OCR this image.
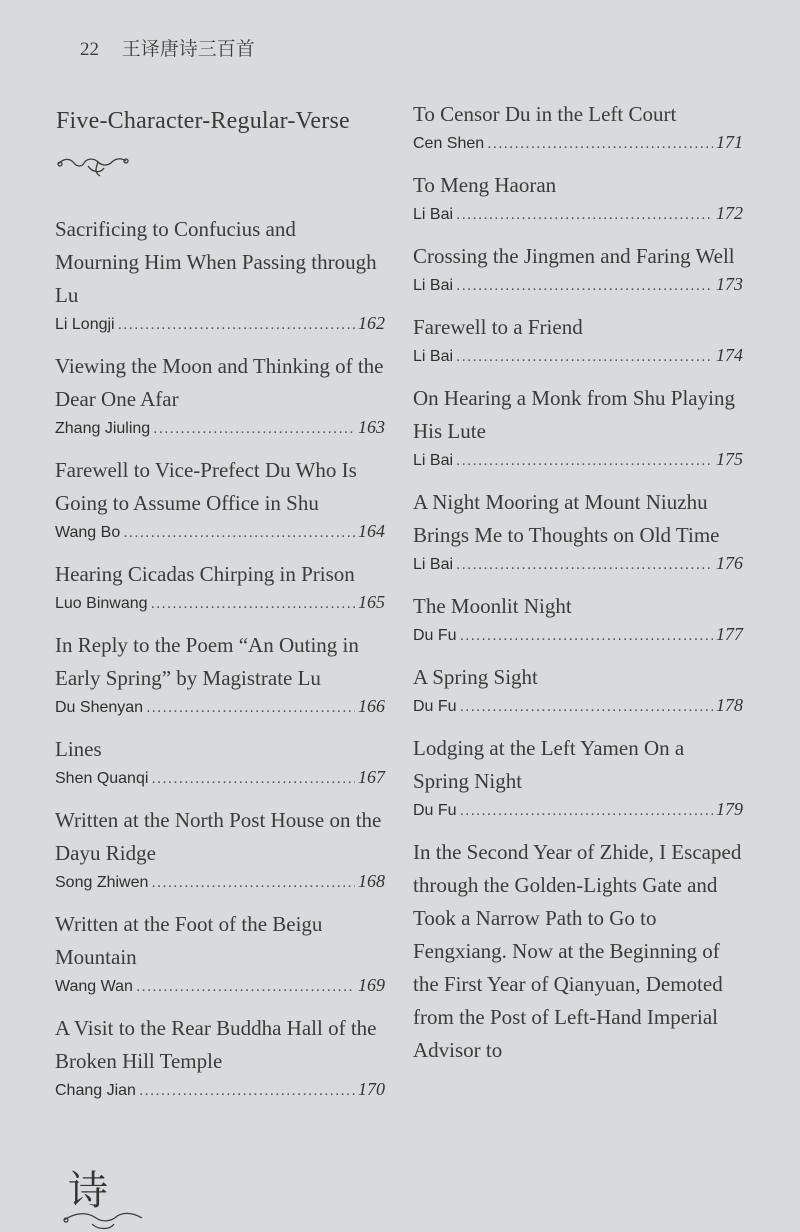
22 王译唐诗三百首
Five-Character-Regular-Verse
Sacrificing to Confucius and Mourning Him When Passing through Lu
Li Longji .....	162
Viewing the Moon and Thinking of the Dear One Afar
Zhang Jiuling .....	163
Farewell to Vice-Prefect Du Who Is Going to Assume Office in Shu
Wang Bo .....	164
Hearing Cicadas Chirping in Prison
Luo Binwang .....	165
In Reply to the Poem “An Outing in Early Spring” by Magistrate Lu
Du Shenyan .....	166
Lines
Shen Quanqi .....	167
Written at the North Post House on the Dayu Ridge
Song Zhiwen .....	168
Written at the Foot of the Beigu Mountain
Wang Wan .....	169
A Visit to the Rear Buddha Hall of the Broken Hill Temple
Chang Jian .....	170
To Censor Du in the Left Court
Cen Shen .....	171
To Meng Haoran
Li Bai .....	172
Crossing the Jingmen and Faring Well
Li Bai .....	173
Farewell to a Friend
Li Bai .....	174
On Hearing a Monk from Shu Playing His Lute
Li Bai .....	175
A Night Mooring at Mount Niuzhu Brings Me to Thoughts on Old Time
Li Bai .....	176
The Moonlit Night
Du Fu .....	177
A Spring Sight
Du Fu .....	178
Lodging at the Left Yamen On a Spring Night
Du Fu .....	179
In the Second Year of Zhide, I Escaped through the Golden-Lights Gate and Took a Narrow Path to Go to Fengxiang. Now at the Beginning of the First Year of Qianyuan, Demoted from the Post of Left-Hand Imperial Advisor to
诗
